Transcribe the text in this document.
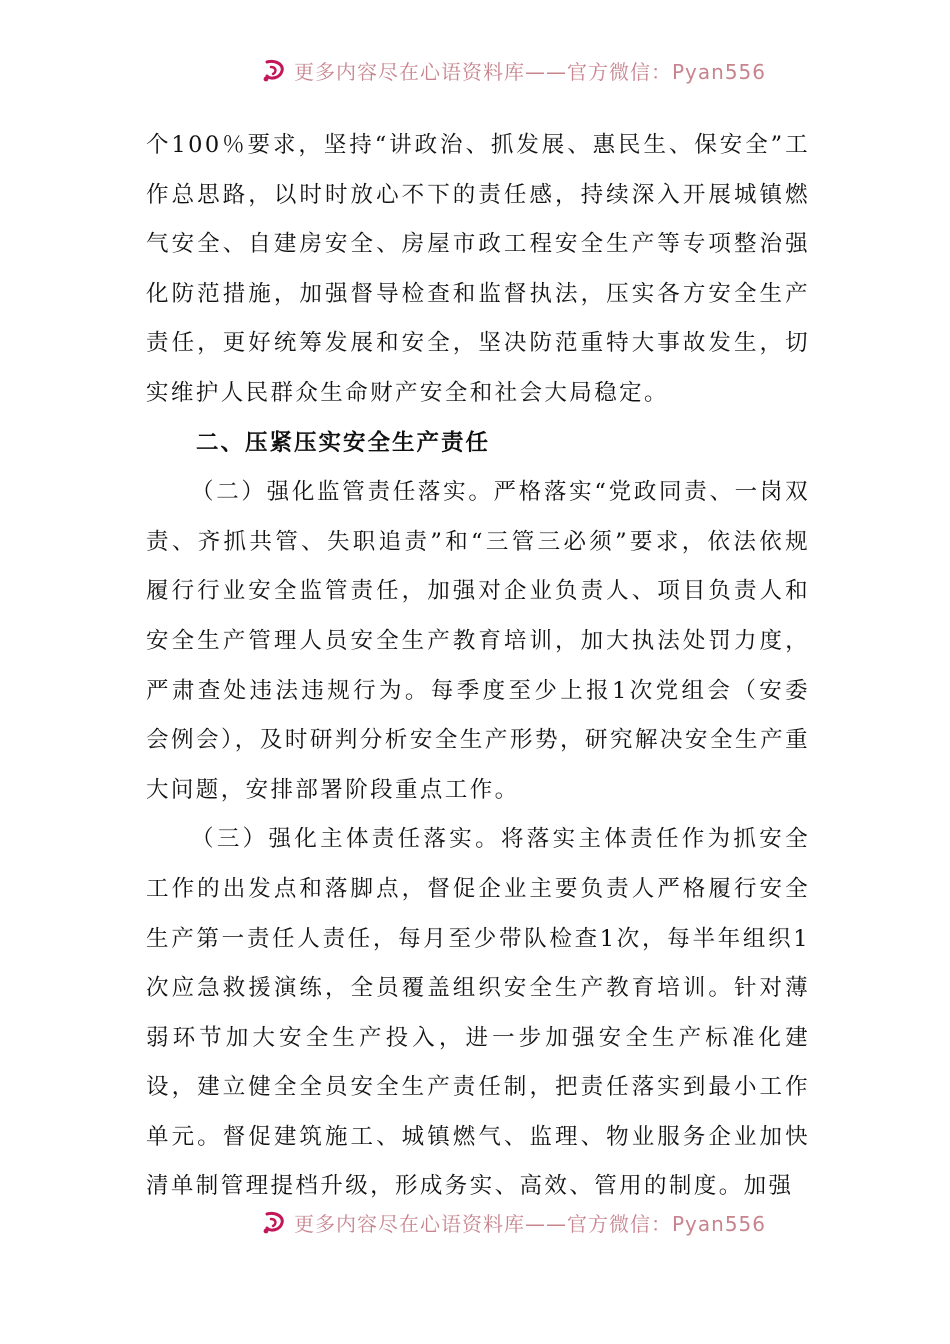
更多内容尽在心语资料库——官方微信：Pyan556

个100％要求，坚持“讲政治、抓发展、惠民生、保安全”工作总思路，以时时放心不下的责任感，持续深入开展城镇燃气安全、自建房安全、房屋市政工程安全生产等专项整治强化防范措施，加强督导检查和监督执法，压实各方安全生产责任，更好统筹发展和安全，坚决防范重特大事故发生，切实维护人民群众生命财产安全和社会大局稳定。

二、压紧压实安全生产责任

（二）强化监管责任落实。严格落实“党政同责、一岗双责、齐抓共管、失职追责”和“三管三必须”要求，依法依规履行行业安全监管责任，加强对企业负责人、项目负责人和安全生产管理人员安全生产教育培训，加大执法处罚力度，严肃查处违法违规行为。每季度至少上报1次党组会（安委会例会），及时研判分析安全生产形势，研究解决安全生产重大问题，安排部署阶段重点工作。

（三）强化主体责任落实。将落实主体责任作为抓安全工作的出发点和落脚点，督促企业主要负责人严格履行安全生产第一责任人责任，每月至少带队检查1次，每半年组织1次应急救援演练，全员覆盖组织安全生产教育培训。针对薄弱环节加大安全生产投入，进一步加强安全生产标准化建设，建立健全全员安全生产责任制，把责任落实到最小工作单元。督促建筑施工、城镇燃气、监理、物业服务企业加快清单制管理提档升级，形成务实、高效、管用的制度。加强

更多内容尽在心语资料库——官方微信：Pyan556
